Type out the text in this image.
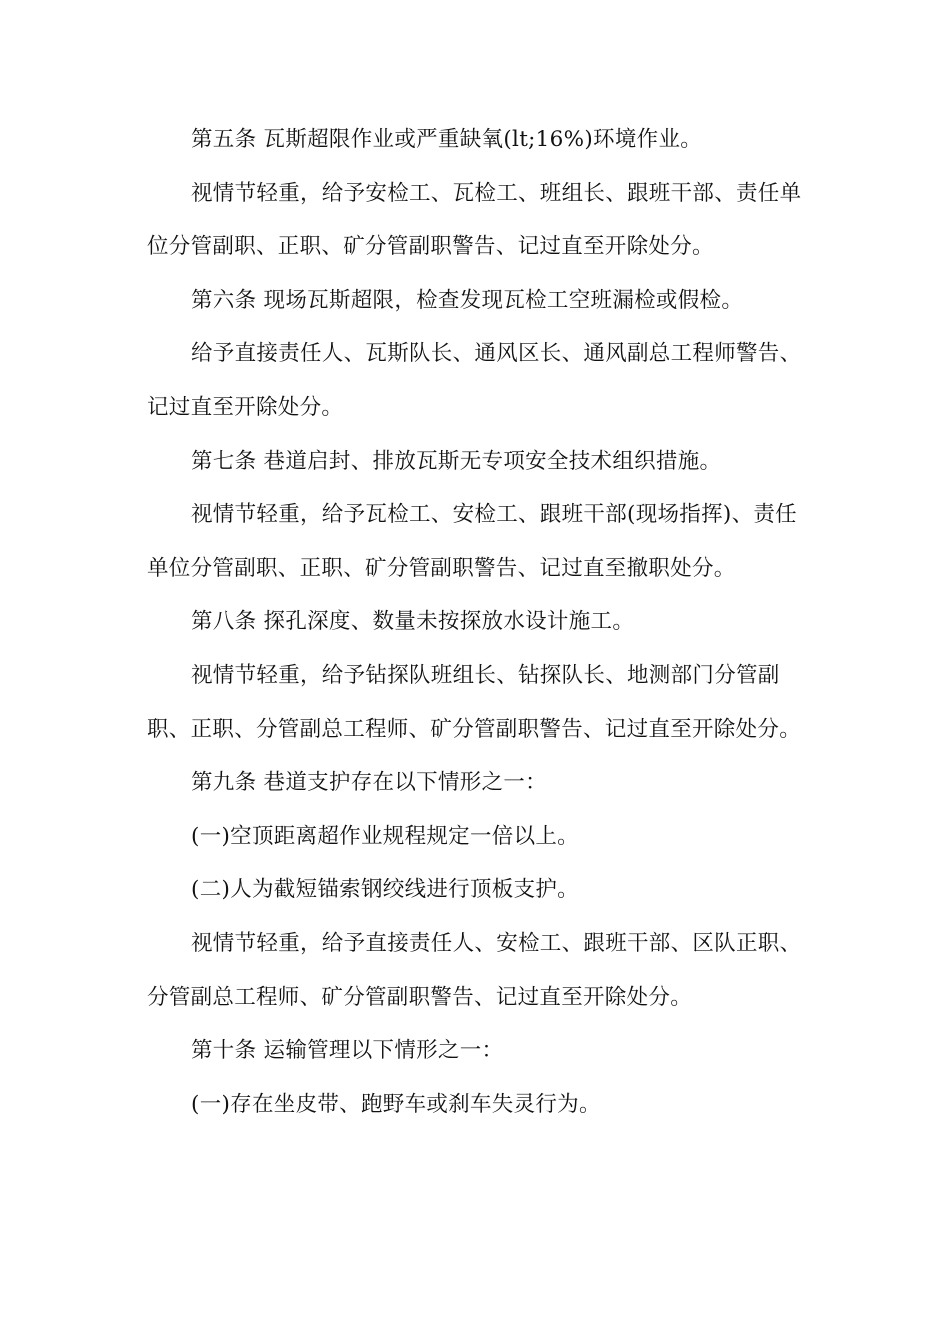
第五条 瓦斯超限作业或严重缺氧(lt;16%)环境作业。

视情节轻重，给予安检工、瓦检工、班组长、跟班干部、责任单位分管副职、正职、矿分管副职警告、记过直至开除处分。

第六条 现场瓦斯超限，检查发现瓦检工空班漏检或假检。

给予直接责任人、瓦斯队长、通风区长、通风副总工程师警告、记过直至开除处分。

第七条 巷道启封、排放瓦斯无专项安全技术组织措施。

视情节轻重，给予瓦检工、安检工、跟班干部(现场指挥)、责任单位分管副职、正职、矿分管副职警告、记过直至撤职处分。

第八条 探孔深度、数量未按探放水设计施工。

视情节轻重，给予钻探队班组长、钻探队长、地测部门分管副职、正职、分管副总工程师、矿分管副职警告、记过直至开除处分。

第九条 巷道支护存在以下情形之一：

(一)空顶距离超作业规程规定一倍以上。

(二)人为截短锚索钢绞线进行顶板支护。

视情节轻重，给予直接责任人、安检工、跟班干部、区队正职、分管副总工程师、矿分管副职警告、记过直至开除处分。

第十条 运输管理以下情形之一：

(一)存在坐皮带、跑野车或刹车失灵行为。
